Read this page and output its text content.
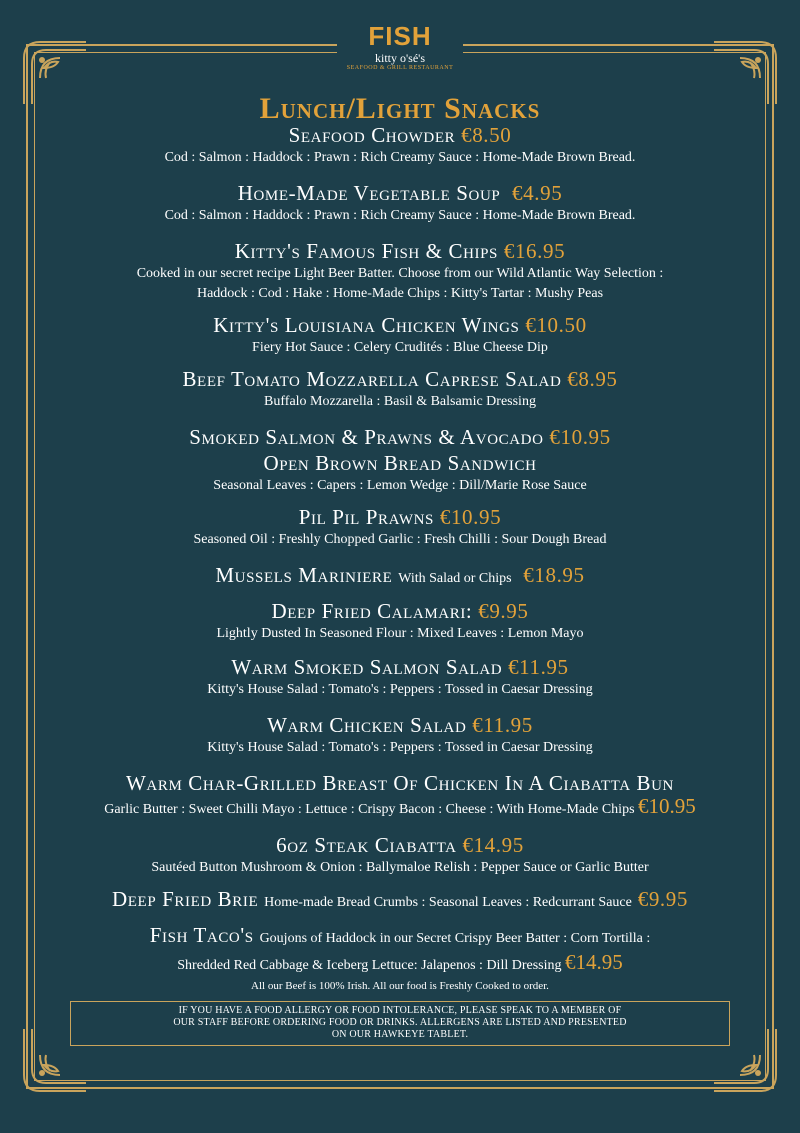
FISH
kitty o'sé's
SEAFOOD & GRILL RESTAURANT
Lunch/Light Snacks
Seafood Chowder €8.50
Cod : Salmon : Haddock : Prawn : Rich Creamy Sauce : Home-Made Brown Bread.
Home-Made Vegetable Soup €4.95
Cod : Salmon : Haddock : Prawn : Rich Creamy Sauce : Home-Made Brown Bread.
Kitty's Famous Fish & Chips €16.95
Cooked in our secret recipe Light Beer Batter. Choose from our Wild Atlantic Way Selection :
Haddock : Cod : Hake : Home-Made Chips : Kitty's Tartar : Mushy Peas
Kitty's Louisiana Chicken Wings €10.50
Fiery Hot Sauce : Celery Crudités : Blue Cheese Dip
Beef Tomato Mozzarella Caprese Salad €8.95
Buffalo Mozzarella : Basil & Balsamic Dressing
Smoked Salmon & Prawns & Avocado €10.95
Open Brown Bread Sandwich
Seasonal Leaves : Capers : Lemon Wedge : Dill/Marie Rose Sauce
Pil Pil Prawns €10.95
Seasoned Oil : Freshly Chopped Garlic : Fresh Chilli : Sour Dough Bread
Mussels Mariniere With Salad or Chips €18.95
Deep Fried Calamari: €9.95
Lightly Dusted In Seasoned Flour : Mixed Leaves : Lemon Mayo
Warm Smoked Salmon Salad €11.95
Kitty's House Salad : Tomato's : Peppers : Tossed in Caesar Dressing
Warm Chicken Salad €11.95
Kitty's House Salad : Tomato's : Peppers : Tossed in Caesar Dressing
Warm Char-Grilled Breast Of Chicken In A Ciabatta Bun
Garlic Butter : Sweet Chilli Mayo : Lettuce : Crispy Bacon : Cheese : With Home-Made Chips €10.95
6oz Steak Ciabatta €14.95
Sautéed Button Mushroom & Onion : Ballymaloe Relish : Pepper Sauce or Garlic Butter
Deep Fried Brie Home-made Bread Crumbs : Seasonal Leaves : Redcurrant Sauce €9.95
Fish Taco's Goujons of Haddock in our Secret Crispy Beer Batter : Corn Tortilla :
Shredded Red Cabbage & Iceberg Lettuce: Jalapenos : Dill Dressing €14.95
All our Beef is 100% Irish. All our food is Freshly Cooked to order.
IF YOU HAVE A FOOD ALLERGY OR FOOD INTOLERANCE, PLEASE SPEAK TO A MEMBER OF
OUR STAFF BEFORE ORDERING FOOD OR DRINKS. ALLERGENS ARE LISTED AND PRESENTED
ON OUR HAWKEYE TABLET.
